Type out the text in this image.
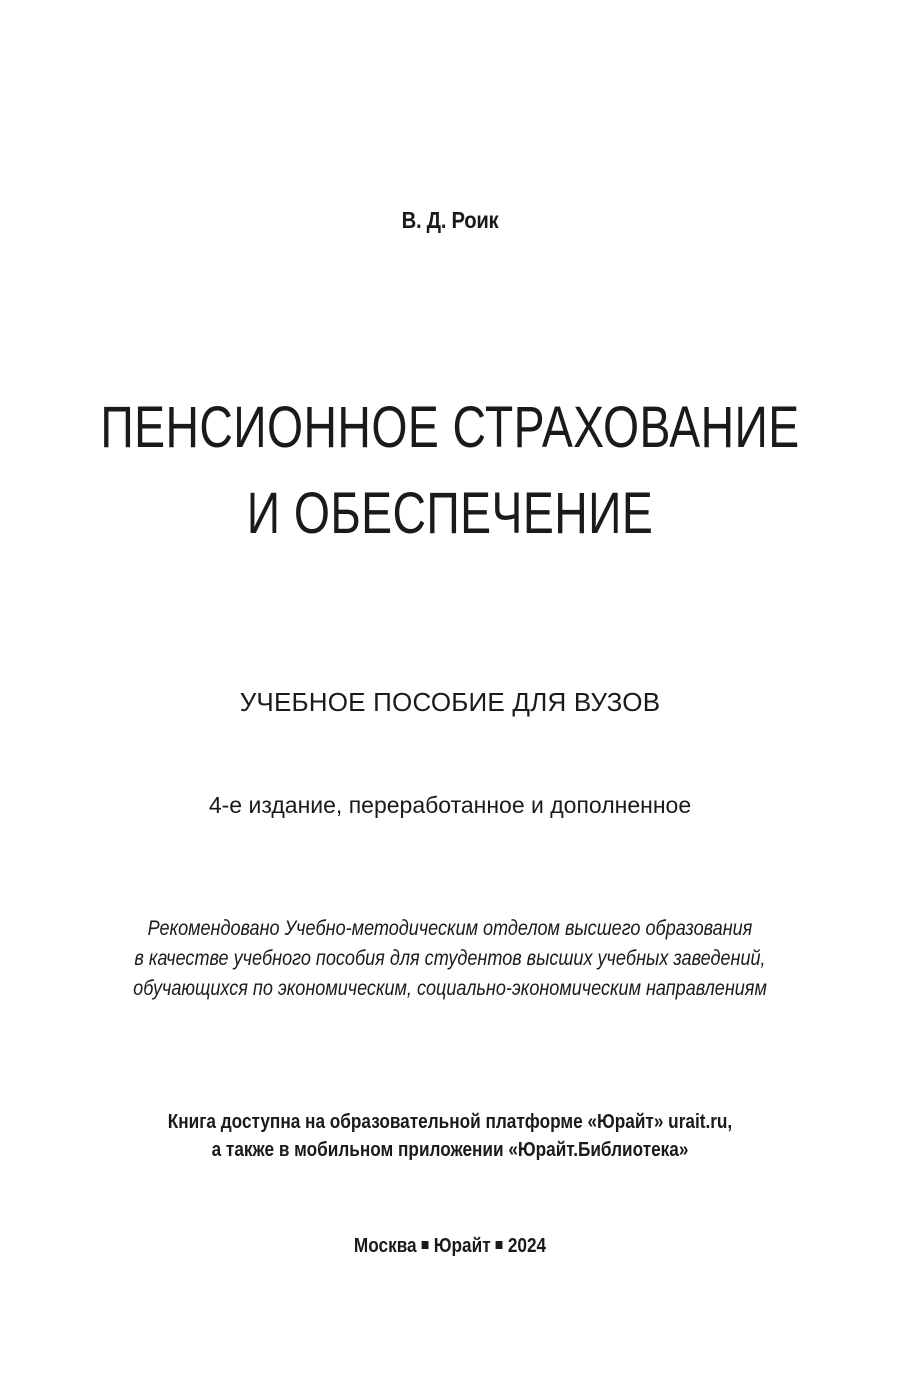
В. Д. Роик
ПЕНСИОННОЕ СТРАХОВАНИЕ
И ОБЕСПЕЧЕНИЕ
УЧЕБНОЕ ПОСОБИЕ ДЛЯ ВУЗОВ
4-е издание, переработанное и дополненное
Рекомендовано Учебно-методическим отделом высшего образования
в качестве учебного пособия для студентов высших учебных заведений,
обучающихся по экономическим, социально-экономическим направлениям
Книга доступна на образовательной платформе «Юрайт» urait.ru,
а также в мобильном приложении «Юрайт.Библиотека»
Москва Юрайт 2024
